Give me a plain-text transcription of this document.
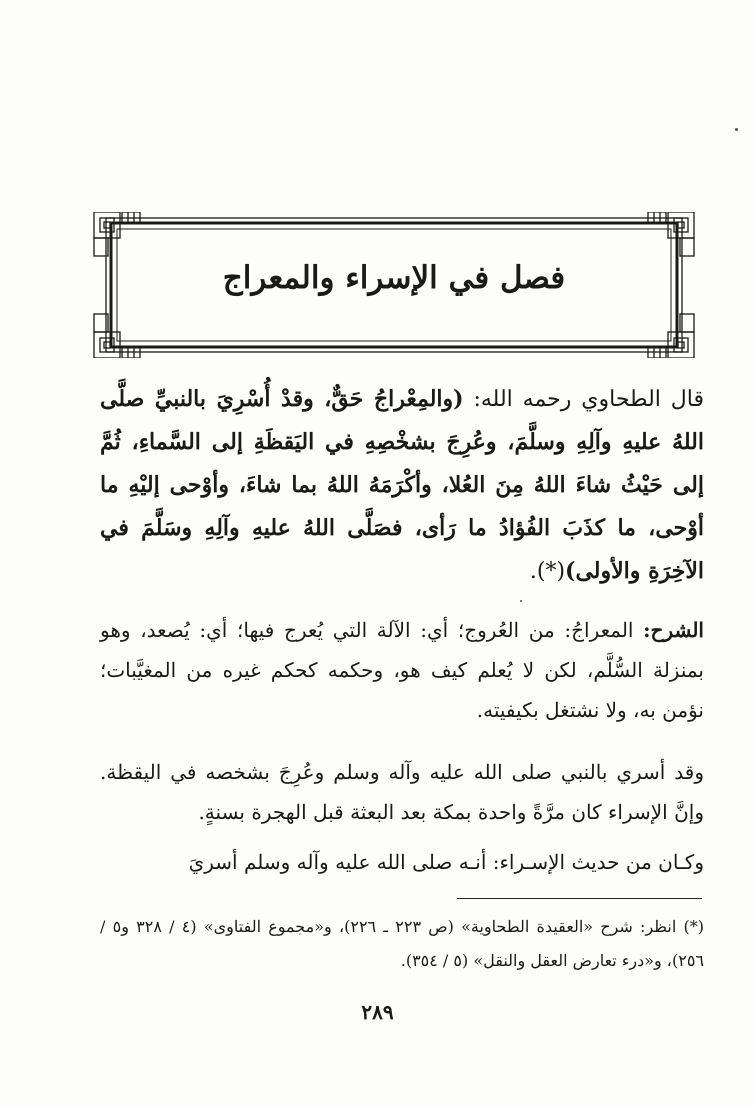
فصل في الإسراء والمعراج
قال الطحاوي رحمه الله: (والمِعْراجُ حَقٌّ، وقدْ أُسْرِيَ بالنبيِّ صلَّى اللهُ عليهِ وآلِهِ وسلَّمَ، وعُرِجَ بشخْصِهِ في اليَقظَةِ إلى السَّماءِ، ثُمَّ إلى حَيْثُ شاءَ اللهُ مِنَ العُلا، وأكْرَمَهُ اللهُ بما شاءَ، وأوْحى إليْهِ ما أوْحى، ما كذَبَ الفُؤادُ ما رَأى، فصَلَّى اللهُ عليهِ وآلِهِ وسَلَّمَ في الآخِرَةِ والأولى)(*).
الشرح: المعراجُ: من العُروج؛ أي: الآلة التي يُعرج فيها؛ أي: يُصعد، وهو بمنزلة السُّلَّم، لكن لا يُعلم كيف هو، وحكمه كحكم غيره من المغيَّبات؛ نؤمن به، ولا نشتغل بكيفيته.
وقد أسري بالنبي صلى الله عليه وآله وسلم وعُرِجَ بشخصه في اليقظة. وإنَّ الإسراء كان مرَّةً واحدة بمكة بعد البعثة قبل الهجرة بسنةٍ.
وكـان من حديث الإسـراء: أنـه صلى الله عليه وآله وسلم أسريَ
(*) انظر: شرح «العقيدة الطحاوية» (ص ٢٢٣ ـ ٢٢٦)، و«مجموع الفتاوى» (٤ / ٣٢٨ و٥ / ٢٥٦)، و«درء تعارض العقل والنقل» (٥ / ٣٥٤).
٢٨٩
